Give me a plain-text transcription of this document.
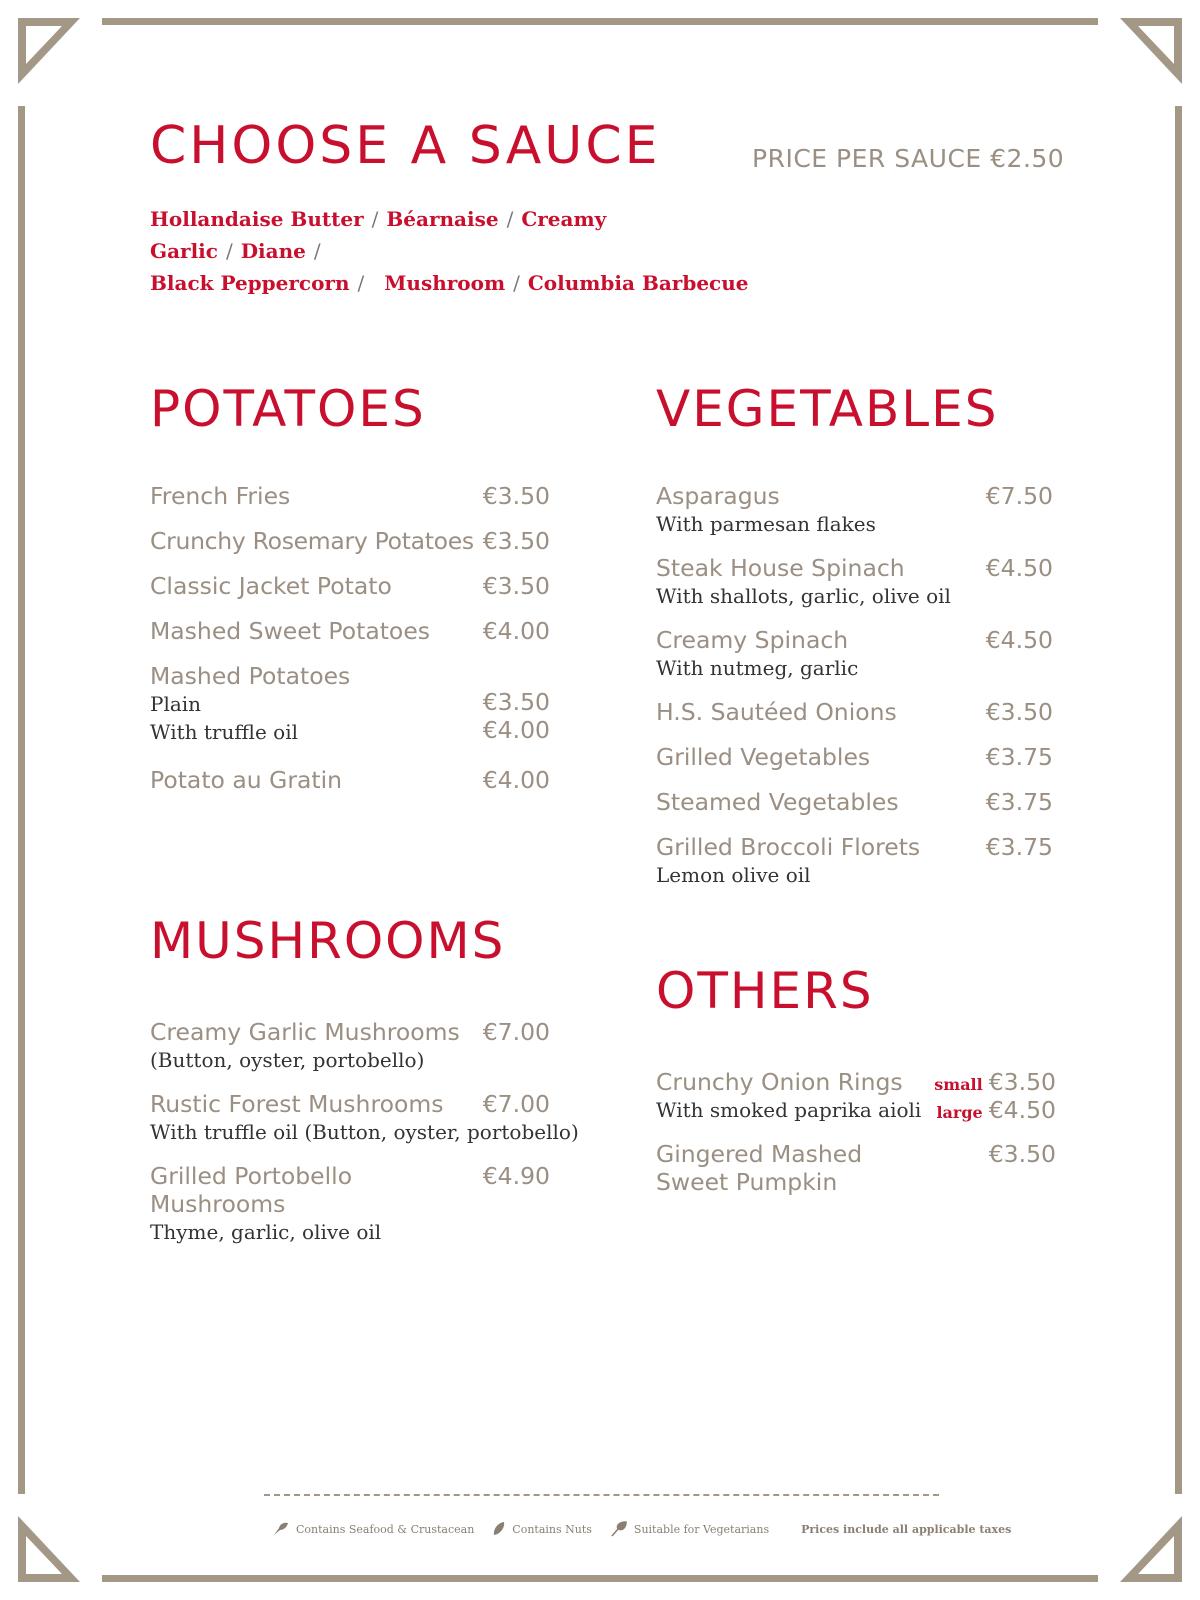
CHOOSE A SAUCE	PRICE PER SAUCE €2.50
Hollandaise Butter / Béarnaise / Creamy Garlic / Diane /
Black Peppercorn / Mushroom / Columbia Barbecue
POTATOES
French Fries	€3.50
Crunchy Rosemary Potatoes €3.50
Classic Jacket Potato	€3.50
Mashed Sweet Potatoes	€4.00
Mashed Potatoes
Plain	€3.50
With truffle oil	€4.00
Potato au Gratin	€4.00
MUSHROOMS
Creamy Garlic Mushrooms €7.00
(Button, oyster, portobello)
Rustic Forest Mushrooms	€7.00
With truffle oil (Button, oyster, portobello)
Grilled Portobello
Mushrooms
€4.90
Thyme, garlic, olive oil
VEGETABLES
Asparagus	€7.50
With parmesan flakes
Steak House Spinach	€4.50
With shallots, garlic, olive oil
Creamy Spinach	€4.50
With nutmeg, garlic
H.S. Sautéed Onions	€3.50
Grilled Vegetables	€3.75
Steamed Vegetables	€3.75
Grilled Broccoli Florets	€3.75
Lemon olive oil
OTHERS
Crunchy Onion Rings
With smoked paprika aioli
small €3.50
large €4.50
Gingered Mashed
Sweet Pumpkin
€3.50
Contains Seafood & Crustacean	Contains Nuts	Suitable for Vegetarians	Prices include all applicable taxes
